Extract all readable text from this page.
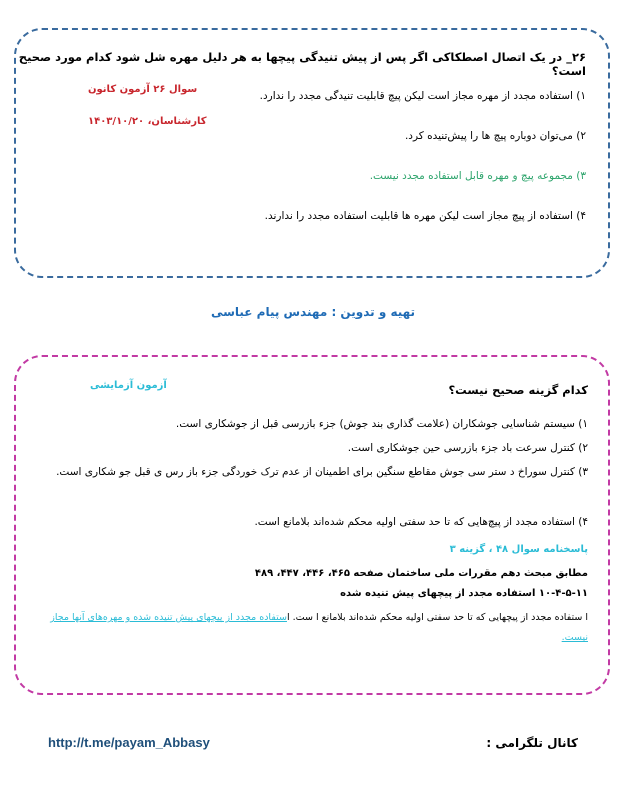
۲۶_ در یک اتصال اصطکاکی اگر پس از پیش تنیدگی پیچها به هر دلیل مهره شل شود کدام مورد صحیح است؟
۱) استفاده مجدد از مهره مجاز است لیکن پیچ قابلیت تنیدگی مجدد را ندارد.
۲) می‌توان دوباره پیچ ها را پیش‌تنیده کرد.
۳) مجموعه پیچ و مهره قابل استفاده مجدد نیست.
۴) استفاده از پیچ مجاز است لیکن مهره ها قابلیت استفاده مجدد را ندارند.
سوال ۲۶ آزمون کانون
کارشناسان، ۱۴۰۳/۱۰/۲۰
تهیه و تدوین : مهندس پیام عباسی
کدام گزینه صحیح نیست؟
آزمون آزمایشی
۱) سیستم شناسایی جوشکاران (علامت گذاری بند جوش) جزء بازرسی قبل از جوشکاری است.
۲) کنترل سرعت باد جزء بازرسی حین جوشکاری است.
۳) کنترل سوراخ د ستر سی جوش مقاطع سنگین برای اطمینان از عدم ترک خوردگی جزء باز رس ی قبل جو شکاری است.
۴) استفاده مجدد از پیچ‌هایی که تا حد سفتی اولیه محکم شده‌اند بلامانع است.
پاسخنامه سوال ۴۸ ، گزینه ۳
مطابق مبحث دهم مقررات ملی ساختمان صفحه ۴۶۵، ۴۴۶، ۴۴۷، ۴۸۹
۱۰-۴-۵-۱۱ استفاده مجدد از پیچهای پیش تنیده شده
ا ستفاده مجدد از پیچهایی که تا حد سفتی اولیه محکم شده‌اند بلامانع ا ست. استفاده مجدد از پیچهای پیش تنیده شده و مهره‌های آنها مجاز نیست.
کانال تلگرامی :
http://t.me/payam_Abbasy
